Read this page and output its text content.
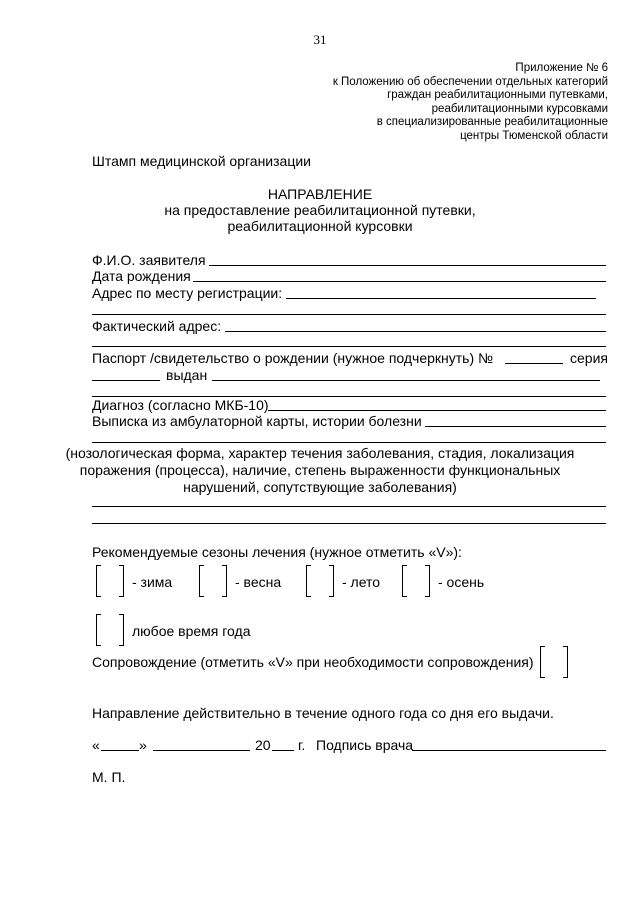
31
Приложение № 6
к Положению об обеспечении отдельных категорий
граждан реабилитационными путевками,
реабилитационными курсовками
в специализированные реабилитационные
центры Тюменской области
Штамп медицинской организации
НАПРАВЛЕНИЕ
на предоставление реабилитационной путевки,
реабилитационной курсовки
Ф.И.О. заявителя
Дата рождения
Адрес по месту регистрации:
Фактический адрес:
Паспорт /свидетельство о рождении (нужное подчеркнуть) №	серия
выдан
Диагноз (согласно МКБ-10)
Выписка из амбулаторной карты, истории болезни
(нозологическая форма, характер течения заболевания, стадия, локализация
поражения (процесса), наличие, степень выраженности функциональных
нарушений, сопутствующие заболевания)
Рекомендуемые сезоны лечения (нужное отметить «V»):
- зима	- весна	- лето	- осень
любое время года
Сопровождение (отметить «V» при необходимости сопровождения)
Направление действительно в течение одного года со дня его выдачи.
«	»	20 г. Подпись врача
М. П.
